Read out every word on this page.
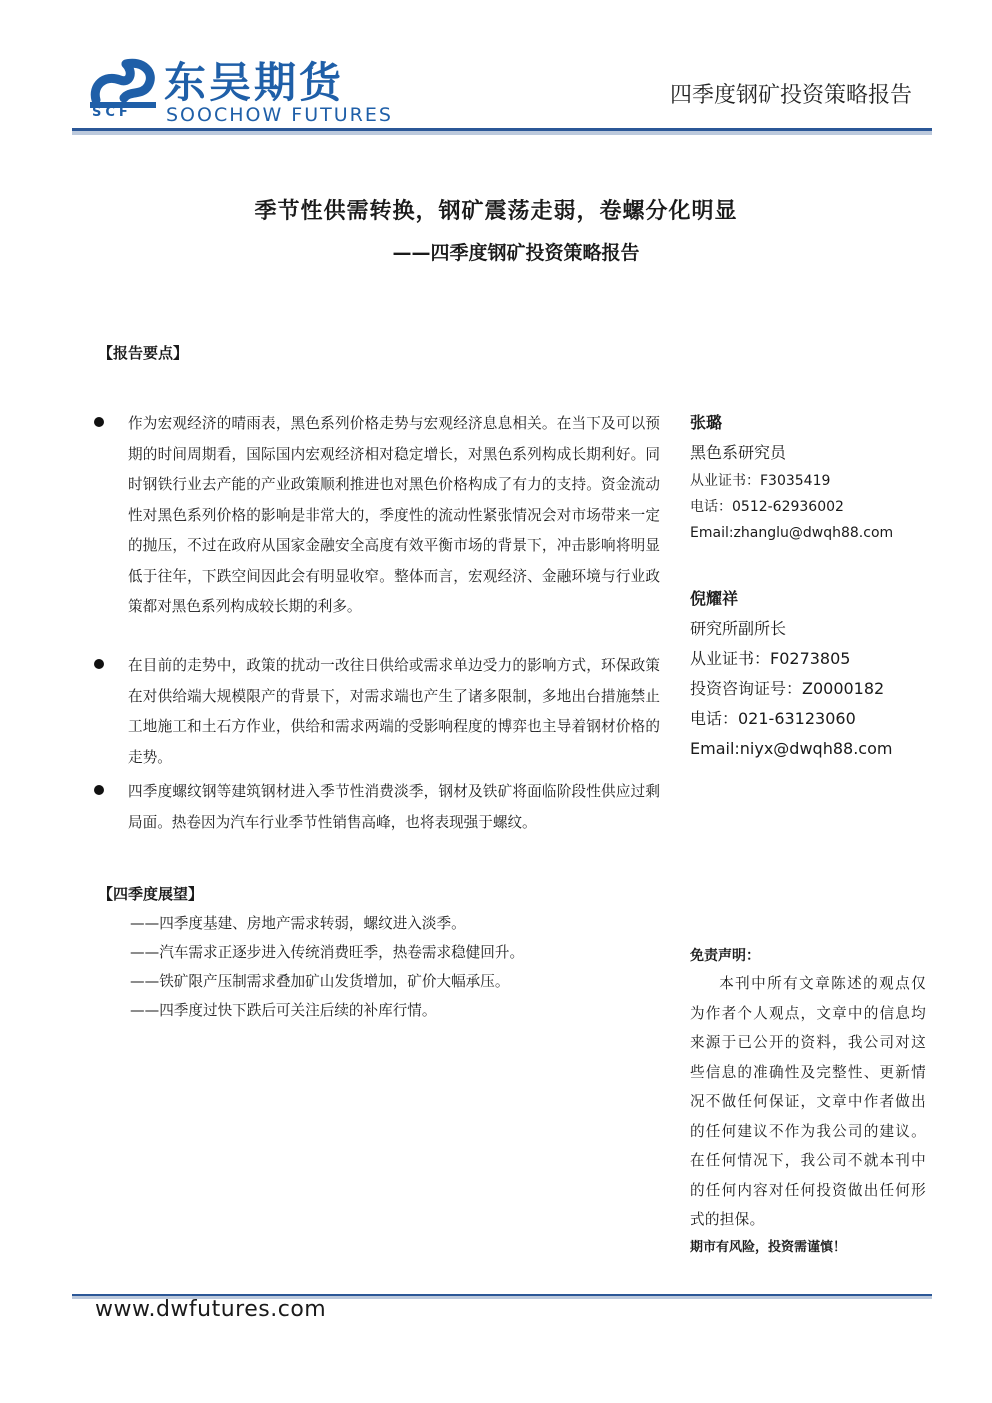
东吴期货
SOOCHOW FUTURES
SCF
四季度钢矿投资策略报告
季节性供需转换，钢矿震荡走弱，卷螺分化明显
——四季度钢矿投资策略报告
【报告要点】
作为宏观经济的晴雨表，黑色系列价格走势与宏观经济息息相关。在当下及可以预期的时间周期看，国际国内宏观经济相对稳定增长，对黑色系列构成长期利好。同时钢铁行业去产能的产业政策顺利推进也对黑色价格构成了有力的支持。资金流动性对黑色系列价格的影响是非常大的，季度性的流动性紧张情况会对市场带来一定的抛压，不过在政府从国家金融安全高度有效平衡市场的背景下，冲击影响将明显低于往年，下跌空间因此会有明显收窄。整体而言，宏观经济、金融环境与行业政策都对黑色系列构成较长期的利多。
在目前的走势中，政策的扰动一改往日供给或需求单边受力的影响方式，环保政策在对供给端大规模限产的背景下，对需求端也产生了诸多限制，多地出台措施禁止工地施工和土石方作业，供给和需求两端的受影响程度的博弈也主导着钢材价格的走势。
四季度螺纹钢等建筑钢材进入季节性消费淡季，钢材及铁矿将面临阶段性供应过剩局面。热卷因为汽车行业季节性销售高峰，也将表现强于螺纹。
【四季度展望】
——四季度基建、房地产需求转弱，螺纹进入淡季。
——汽车需求正逐步进入传统消费旺季，热卷需求稳健回升。
——铁矿限产压制需求叠加矿山发货增加，矿价大幅承压。
——四季度过快下跌后可关注后续的补库行情。
张璐
黑色系研究员
从业证书：F3035419
电话：0512-62936002
Email:zhanglu@dwqh88.com
倪耀祥
研究所副所长
从业证书：F0273805
投资咨询证号：Z0000182
电话：021-63123060
Email:niyx@dwqh88.com
免责声明：
本刊中所有文章陈述的观点仅为作者个人观点，文章中的信息均来源于已公开的资料，我公司对这些信息的准确性及完整性、更新情况不做任何保证，文章中作者做出的任何建议不作为我公司的建议。在任何情况下，我公司不就本刊中的任何内容对任何投资做出任何形式的担保。
期市有风险，投资需谨慎！
www.dwfutures.com
